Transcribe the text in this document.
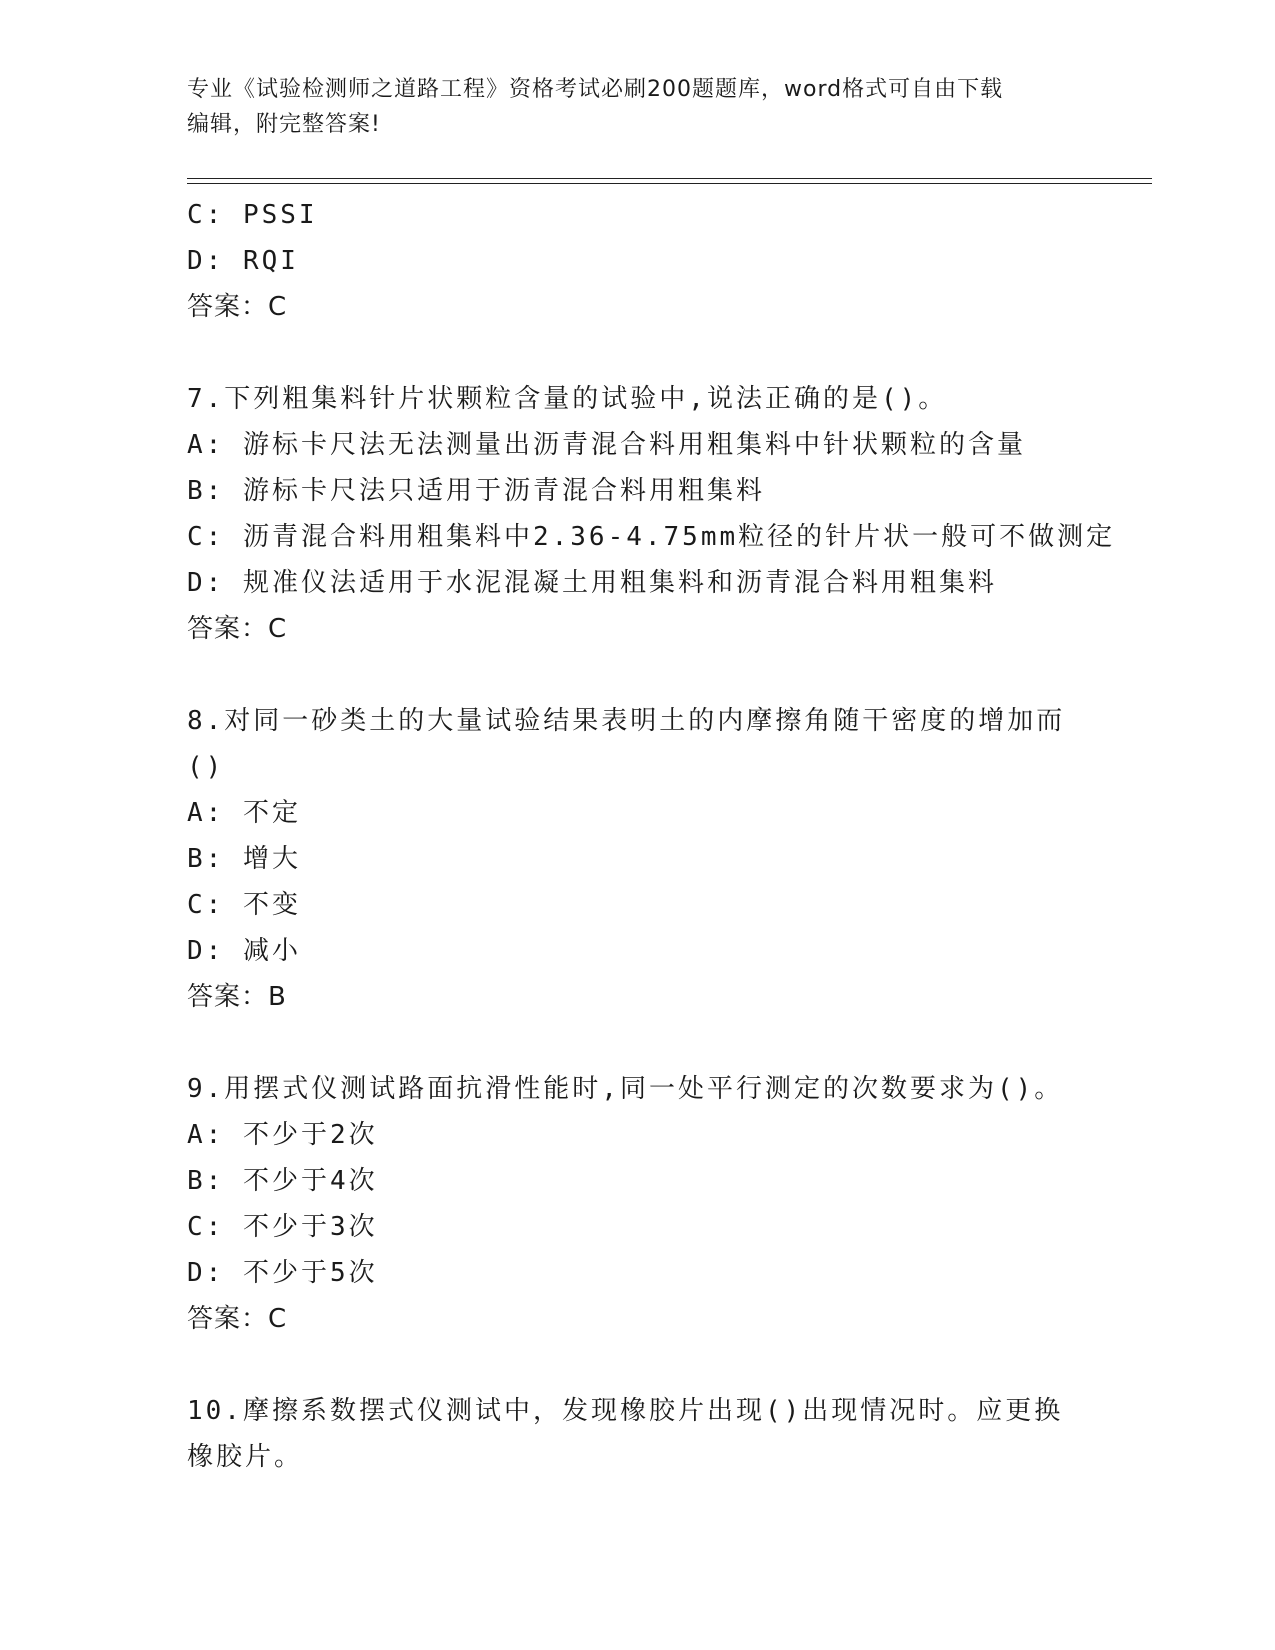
专业《试验检测师之道路工程》资格考试必刷200题题库，word格式可自由下载
编辑，附完整答案!
C: PSSI
D: RQI
答案：C
7.下列粗集料针片状颗粒含量的试验中,说法正确的是()。
A: 游标卡尺法无法测量出沥青混合料用粗集料中针状颗粒的含量
B: 游标卡尺法只适用于沥青混合料用粗集料
C: 沥青混合料用粗集料中2.36-4.75mm粒径的针片状一般可不做测定
D: 规准仪法适用于水泥混凝土用粗集料和沥青混合料用粗集料
答案：C
8.对同一砂类土的大量试验结果表明土的内摩擦角随干密度的增加而
()
A: 不定
B: 增大
C: 不变
D: 减小
答案：B
9.用摆式仪测试路面抗滑性能时,同一处平行测定的次数要求为()。
A: 不少于2次
B: 不少于4次
C: 不少于3次
D: 不少于5次
答案：C
10.摩擦系数摆式仪测试中，发现橡胶片出现()出现情况时。应更换
橡胶片。
